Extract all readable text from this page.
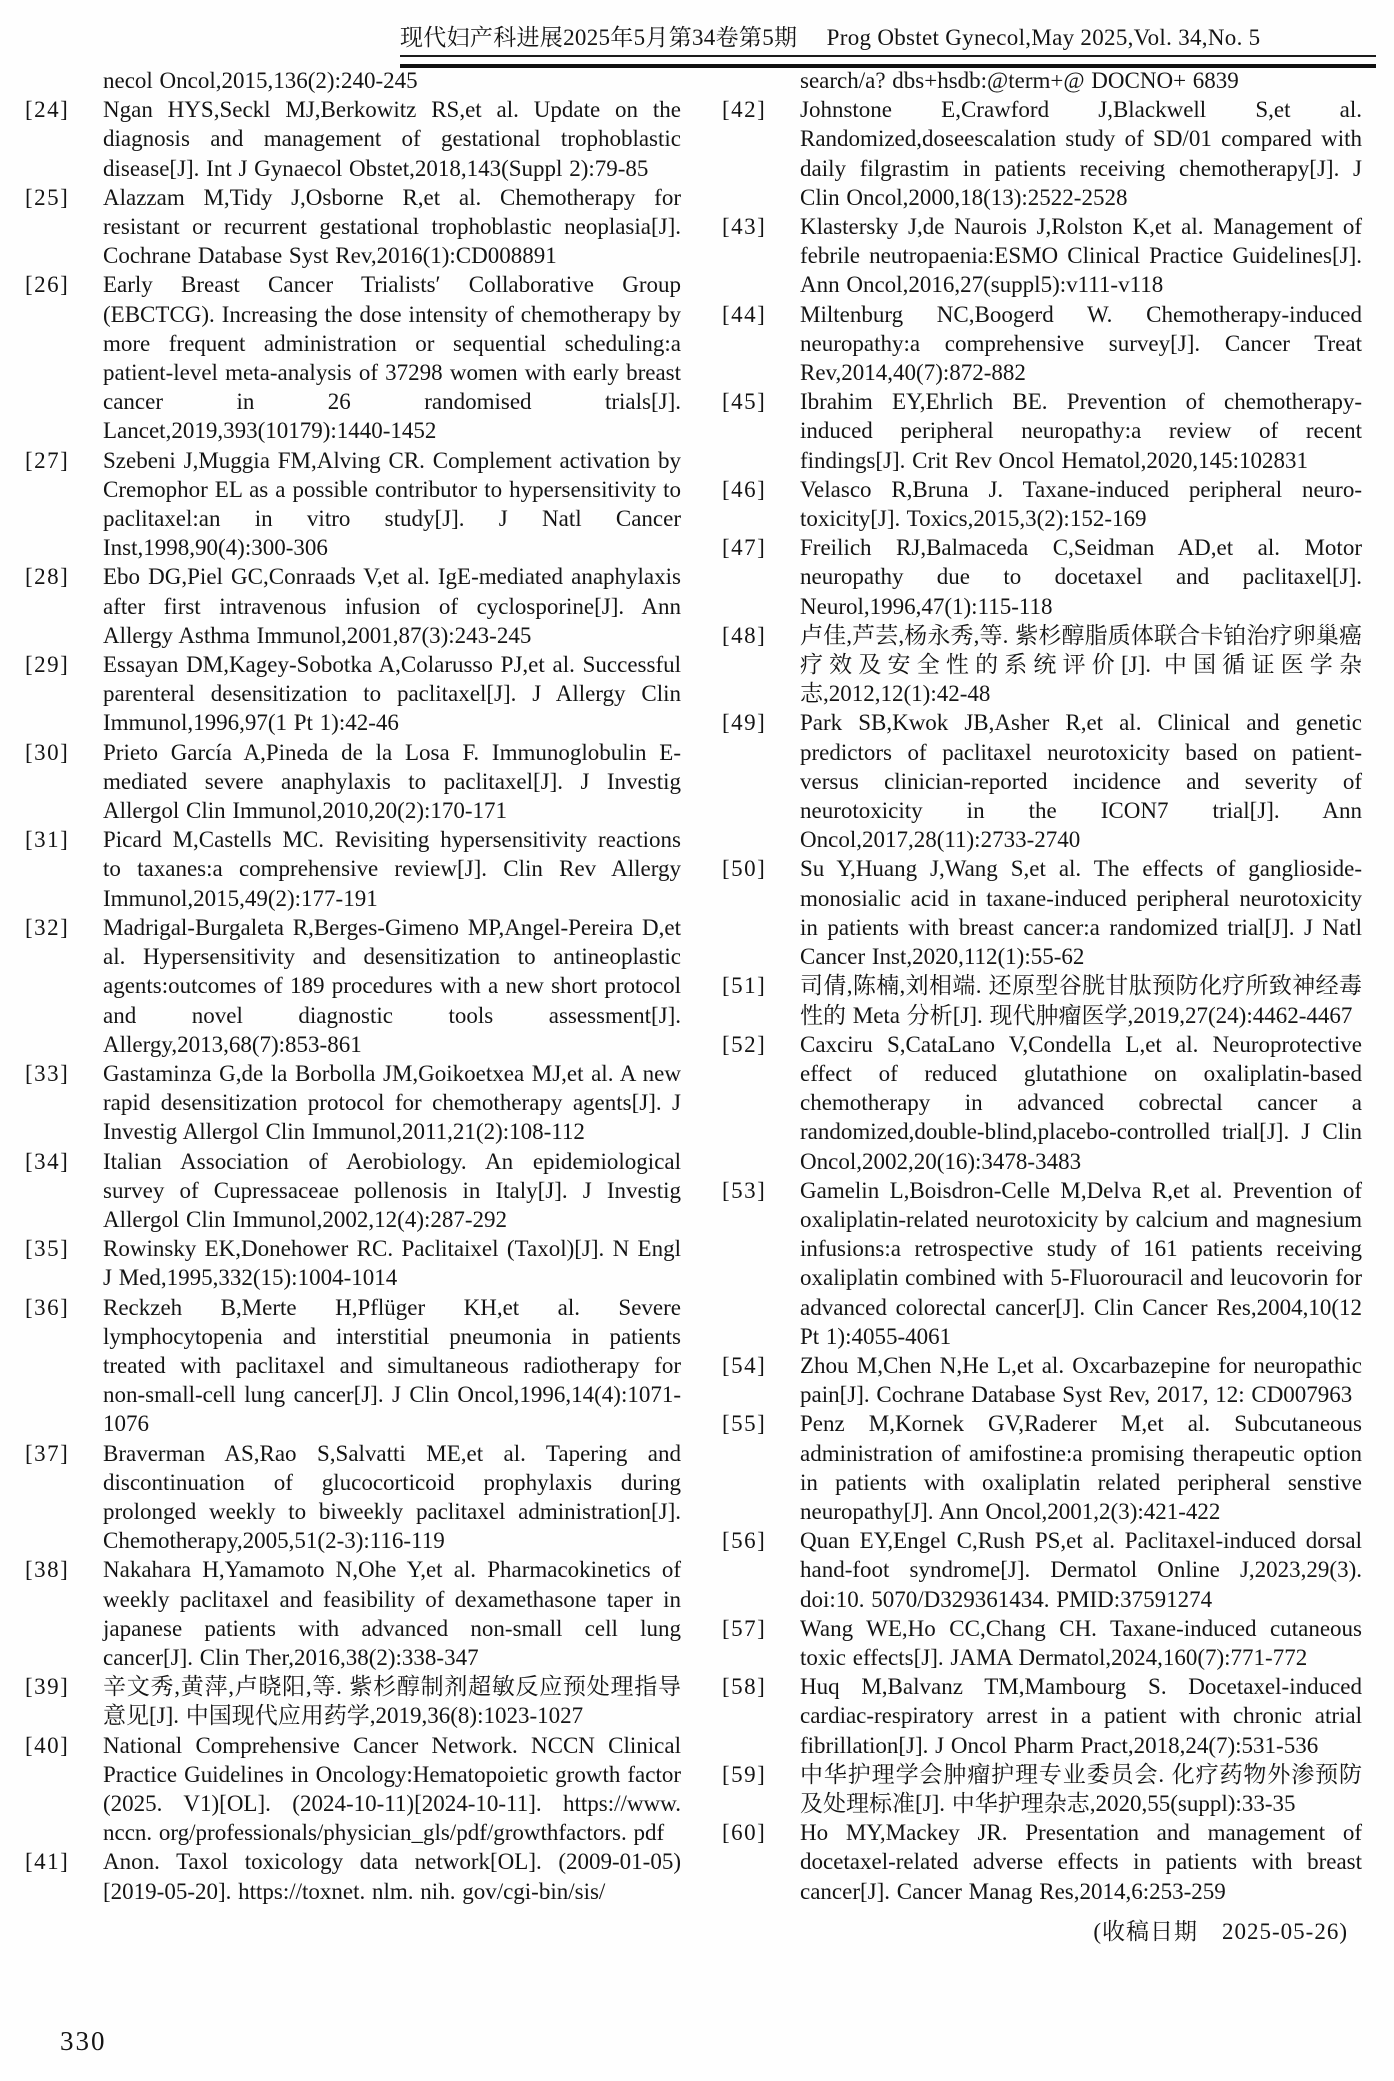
现代妇产科进展2025年5月第34卷第5期　 Prog Obstet Gynecol,May 2025,Vol. 34,No. 5
necol Oncol,2015,136(2):240-245
[24]	Ngan HYS,Seckl MJ,Berkowitz RS,et al. Update on the diagnosis and management of gestational trophoblastic disease[J]. Int J Gynaecol Obstet,2018,143(Suppl 2):79-85
[25]	Alazzam M,Tidy J,Osborne R,et al. Chemotherapy for resistant or recurrent gestational trophoblastic neoplasia[J]. Cochrane Database Syst Rev,2016(1):CD008891
[26]	Early Breast Cancer Trialists′ Collaborative Group (EBCTCG). Increasing the dose intensity of chemotherapy by more frequent administration or sequential scheduling:a patient-level meta-analysis of 37298 women with early breast cancer in 26 randomised trials[J]. Lancet,2019,393(10179):1440-1452
[27]	Szebeni J,Muggia FM,Alving CR. Complement activation by Cremophor EL as a possible contributor to hypersensitivity to paclitaxel:an in vitro study[J]. J Natl Cancer Inst,1998,90(4):300-306
[28]	Ebo DG,Piel GC,Conraads V,et al. IgE-mediated anaphylaxis after first intravenous infusion of cyclosporine[J]. Ann Allergy Asthma Immunol,2001,87(3):243-245
[29]	Essayan DM,Kagey-Sobotka A,Colarusso PJ,et al. Successful parenteral desensitization to paclitaxel[J]. J Allergy Clin Immunol,1996,97(1 Pt 1):42-46
[30]	Prieto García A,Pineda de la Losa F. Immunoglobulin E-mediated severe anaphylaxis to paclitaxel[J]. J Investig Allergol Clin Immunol,2010,20(2):170-171
[31]	Picard M,Castells MC. Revisiting hypersensitivity reactions to taxanes:a comprehensive review[J]. Clin Rev Allergy Immunol,2015,49(2):177-191
[32]	Madrigal-Burgaleta R,Berges-Gimeno MP,Angel-Pereira D,et al. Hypersensitivity and desensitization to antineoplastic agents:outcomes of 189 procedures with a new short protocol and novel diagnostic tools assessment[J]. Allergy,2013,68(7):853-861
[33]	Gastaminza G,de la Borbolla JM,Goikoetxea MJ,et al. A new rapid desensitization protocol for chemotherapy agents[J]. J Investig Allergol Clin Immunol,2011,21(2):108-112
[34]	Italian Association of Aerobiology. An epidemiological survey of Cupressaceae pollenosis in Italy[J]. J Investig Allergol Clin Immunol,2002,12(4):287-292
[35]	Rowinsky EK,Donehower RC. Paclitaixel (Taxol)[J]. N Engl J Med,1995,332(15):1004-1014
[36]	Reckzeh B,Merte H,Pflüger KH,et al. Severe lymphocytopenia and interstitial pneumonia in patients treated with paclitaxel and simultaneous radiotherapy for non-small-cell lung cancer[J]. J Clin Oncol,1996,14(4):1071-1076
[37]	Braverman AS,Rao S,Salvatti ME,et al. Tapering and discontinuation of glucocorticoid prophylaxis during prolonged weekly to biweekly paclitaxel administration[J]. Chemotherapy,2005,51(2-3):116-119
[38]	Nakahara H,Yamamoto N,Ohe Y,et al. Pharmacokinetics of weekly paclitaxel and feasibility of dexamethasone taper in japanese patients with advanced non-small cell lung cancer[J]. Clin Ther,2016,38(2):338-347
[39]	辛文秀,黄萍,卢晓阳,等. 紫杉醇制剂超敏反应预处理指导意见[J]. 中国现代应用药学,2019,36(8):1023-1027
[40]	National Comprehensive Cancer Network. NCCN Clinical Practice Guidelines in Oncology:Hematopoietic growth factor (2025. V1)[OL]. (2024-10-11)[2024-10-11]. https://www. nccn. org/professionals/physician_gls/pdf/growthfactors. pdf
[41]	Anon. Taxol toxicology data network[OL]. (2009-01-05)[2019-05-20]. https://toxnet. nlm. nih. gov/cgi-bin/sis/
search/a? dbs+hsdb:@term+@ DOCNO+ 6839
[42]	Johnstone E,Crawford J,Blackwell S,et al. Randomized,doseescalation study of SD/01 compared with daily filgrastim in patients receiving chemotherapy[J]. J Clin Oncol,2000,18(13):2522-2528
[43]	Klastersky J,de Naurois J,Rolston K,et al. Management of febrile neutropaenia:ESMO Clinical Practice Guidelines[J]. Ann Oncol,2016,27(suppl5):v111-v118
[44]	Miltenburg NC,Boogerd W. Chemotherapy-induced neuropathy:a comprehensive survey[J]. Cancer Treat Rev,2014,40(7):872-882
[45]	Ibrahim EY,Ehrlich BE. Prevention of chemotherapy-induced peripheral neuropathy:a review of recent findings[J]. Crit Rev Oncol Hematol,2020,145:102831
[46]	Velasco R,Bruna J. Taxane-induced peripheral neuro-toxicity[J]. Toxics,2015,3(2):152-169
[47]	Freilich RJ,Balmaceda C,Seidman AD,et al. Motor neuropathy due to docetaxel and paclitaxel[J]. Neurol,1996,47(1):115-118
[48]	卢佳,芦芸,杨永秀,等. 紫杉醇脂质体联合卡铂治疗卵巢癌疗效及安全性的系统评价[J]. 中国循证医学杂志,2012,12(1):42-48
[49]	Park SB,Kwok JB,Asher R,et al. Clinical and genetic predictors of paclitaxel neurotoxicity based on patient-versus clinician-reported incidence and severity of neurotoxicity in the ICON7 trial[J]. Ann Oncol,2017,28(11):2733-2740
[50]	Su Y,Huang J,Wang S,et al. The effects of ganglioside-monosialic acid in taxane-induced peripheral neurotoxicity in patients with breast cancer:a randomized trial[J]. J Natl Cancer Inst,2020,112(1):55-62
[51]	司倩,陈楠,刘相端. 还原型谷胱甘肽预防化疗所致神经毒性的 Meta 分析[J]. 现代肿瘤医学,2019,27(24):4462-4467
[52]	Caxciru S,CataLano V,Condella L,et al. Neuroprotective effect of reduced glutathione on oxaliplatin-based chemotherapy in advanced cobrectal cancer a randomized,double-blind,placebo-controlled trial[J]. J Clin Oncol,2002,20(16):3478-3483
[53]	Gamelin L,Boisdron-Celle M,Delva R,et al. Prevention of oxaliplatin-related neurotoxicity by calcium and magnesium infusions:a retrospective study of 161 patients receiving oxaliplatin combined with 5-Fluorouracil and leucovorin for advanced colorectal cancer[J]. Clin Cancer Res,2004,10(12 Pt 1):4055-4061
[54]	Zhou M,Chen N,He L,et al. Oxcarbazepine for neuropathic pain[J]. Cochrane Database Syst Rev, 2017, 12: CD007963
[55]	Penz M,Kornek GV,Raderer M,et al. Subcutaneous administration of amifostine:a promising therapeutic option in patients with oxaliplatin related peripheral senstive neuropathy[J]. Ann Oncol,2001,2(3):421-422
[56]	Quan EY,Engel C,Rush PS,et al. Paclitaxel-induced dorsal hand-foot syndrome[J]. Dermatol Online J,2023,29(3). doi:10. 5070/D329361434. PMID:37591274
[57]	Wang WE,Ho CC,Chang CH. Taxane-induced cutaneous toxic effects[J]. JAMA Dermatol,2024,160(7):771-772
[58]	Huq M,Balvanz TM,Mambourg S. Docetaxel-induced cardiac-respiratory arrest in a patient with chronic atrial fibrillation[J]. J Oncol Pharm Pract,2018,24(7):531-536
[59]	中华护理学会肿瘤护理专业委员会. 化疗药物外渗预防及处理标准[J]. 中华护理杂志,2020,55(suppl):33-35
[60]	Ho MY,Mackey JR. Presentation and management of docetaxel-related adverse effects in patients with breast cancer[J]. Cancer Manag Res,2014,6:253-259
(收稿日期　2025-05-26)
330
